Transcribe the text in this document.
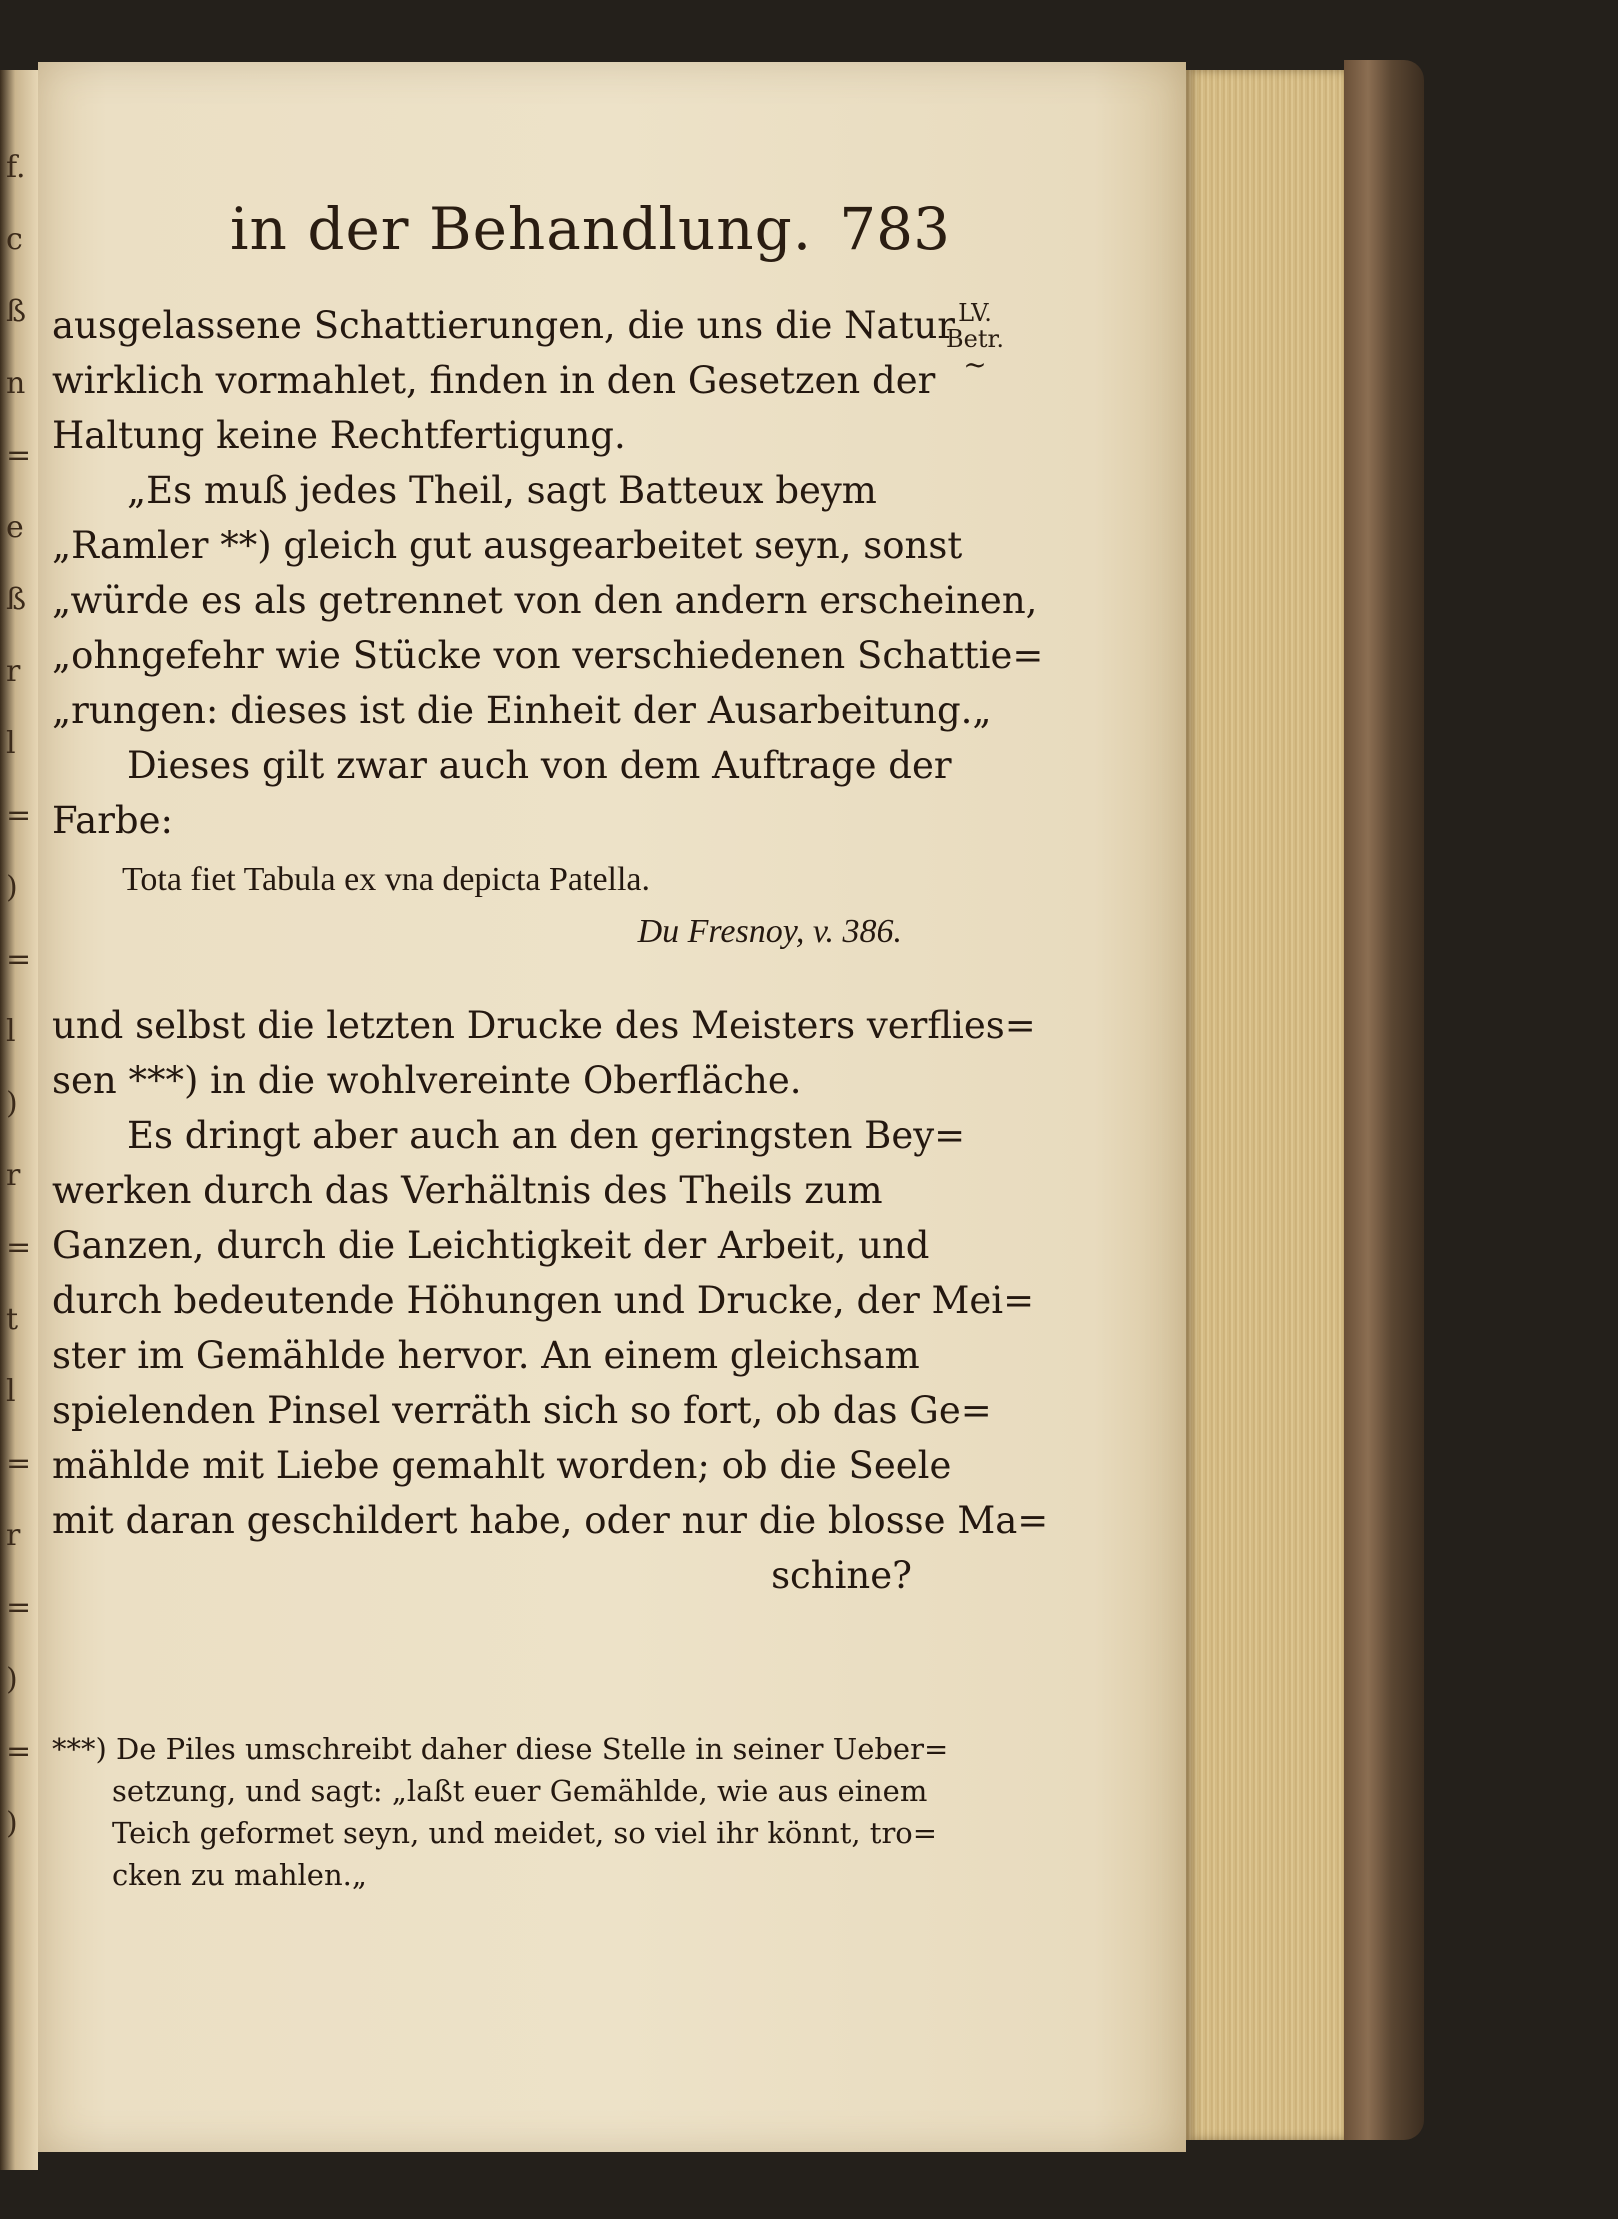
f.
c
ß
n
=
e
ß
r
l
=
)
=
l
)
r
=
t
l
=
r
=
)
=
)
in der Behandlung. 783
LV.
Betr.
~
ausgelassene Schattierungen, die uns die Natur
wirklich vormahlet, finden in den Gesetzen der
Haltung keine Rechtfertigung.
„Es muß jedes Theil, sagt Batteux beym
„Ramler **) gleich gut ausgearbeitet seyn, sonst
„würde es als getrennet von den andern erscheinen,
„ohngefehr wie Stücke von verschiedenen Schattie=
„rungen: dieses ist die Einheit der Ausarbeitung.„
Dieses gilt zwar auch von dem Auftrage der
Farbe:
Tota fiet Tabula ex vna depicta Patella.
Du Fresnoy, v. 386.
und selbst die letzten Drucke des Meisters verflies=
sen ***) in die wohlvereinte Oberfläche.
Es dringt aber auch an den geringsten Bey=
werken durch das Verhältnis des Theils zum
Ganzen, durch die Leichtigkeit der Arbeit, und
durch bedeutende Höhungen und Drucke, der Mei=
ster im Gemählde hervor. An einem gleichsam
spielenden Pinsel verräth sich so fort, ob das Ge=
mählde mit Liebe gemahlt worden; ob die Seele
mit daran geschildert habe, oder nur die blosse Ma=
schine?
***) De Piles umschreibt daher diese Stelle in seiner Ueber=
setzung, und sagt: „laßt euer Gemählde, wie aus einem
Teich geformet seyn, und meidet, so viel ihr könnt, tro=
cken zu mahlen.„
